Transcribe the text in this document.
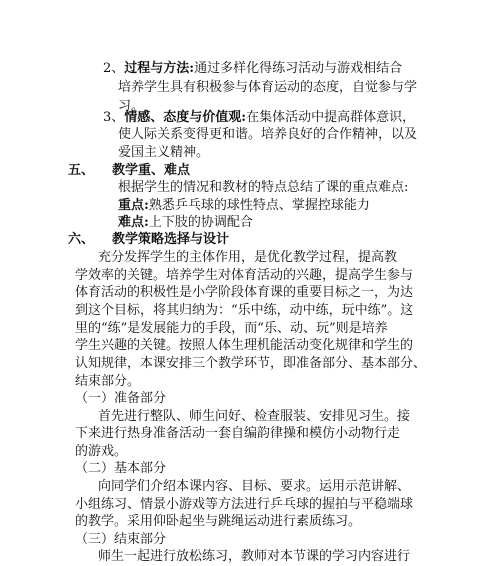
2、过程与方法:通过多样化得练习活动与游戏相结合
培养学生具有积极参与体育运动的态度，自觉参与学
习。
3、情感、态度与价值观:在集体活动中提高群体意识，
使人际关系变得更和谐。培养良好的合作精神，以及
爱国主义精神。
五、 教学重、难点
根据学生的情况和教材的特点总结了课的重点难点:
重点:熟悉乒乓球的球性特点、掌握控球能力
难点:上下肢的协调配合
六、 教学策略选择与设计
充分发挥学生的主体作用，是优化教学过程，提高教
学效率的关键。培养学生对体育活动的兴趣，提高学生参与
体育活动的积极性是小学阶段体育课的重要目标之一，为达
到这个目标，将其归纳为：“乐中练，动中练，玩中练”。这
里的“练”是发展能力的手段，而“乐、动、玩”则是培养
学生兴趣的关键。按照人体生理机能活动变化规律和学生的
认知规律，本课安排三个教学环节，即准备部分、基本部分、
结束部分。
（一）准备部分
首先进行整队、师生问好、检查服装、安排见习生。接
下来进行热身准备活动一套自编韵律操和模仿小动物行走
的游戏。
（二）基本部分
向同学们介绍本课内容、目标、要求。运用示范讲解、
小组练习、情景小游戏等方法进行乒乓球的握拍与平稳端球
的教学。采用仰卧起坐与跳绳运动进行素质练习。
（三）结束部分
师生一起进行放松练习，教师对本节课的学习内容进行
